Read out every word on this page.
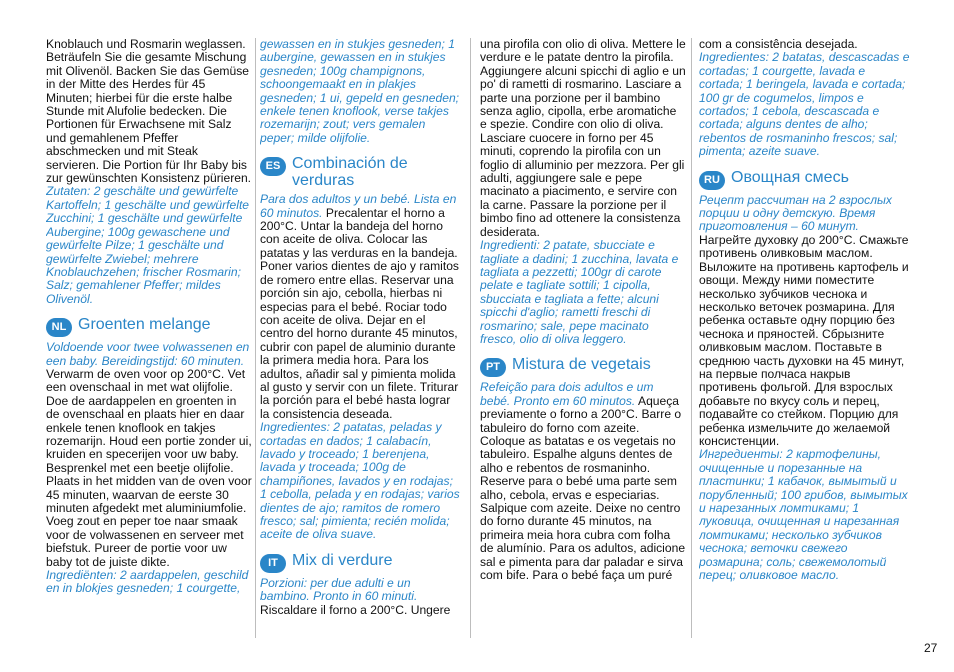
Knoblauch und Rosmarin weglassen. Beträufeln Sie die gesamte Mischung mit Olivenöl. Backen Sie das Gemüse in der Mitte des Herdes für 45 Minuten; hierbei für die erste halbe Stunde mit Alufolie bedecken. Die Portionen für Erwachsene mit Salz und gemahlenem Pfeffer abschmecken und mit Steak servieren. Die Portion für Ihr Baby bis zur gewünschten Konsistenz pürieren.

Zutaten: 2 geschälte und gewürfelte Kartoffeln; 1 geschälte und gewürfelte Zucchini; 1 geschälte und gewürfelte Aubergine; 100g gewaschene und gewürfelte Pilze; 1 geschälte und gewürfelte Zwiebel; mehrere Knoblauchzehen; frischer Rosmarin; Salz; gemahlener Pfeffer; mildes Olivenöl.

NL Groenten melange

Voldoende voor twee volwassenen en een baby. Bereidingstijd: 60 minuten. Verwarm de oven voor op 200°C. Vet een ovenschaal in met wat olijfolie. Doe de aardappelen en groenten in de ovenschaal en plaats hier en daar enkele tenen knoflook en takjes rozemarijn. Houd een portie zonder ui, kruiden en specerijen voor uw baby. Besprenkel met een beetje olijfolie. Plaats in het midden van de oven voor 45 minuten, waarvan de eerste 30 minuten afgedekt met aluminiumfolie. Voeg zout en peper toe naar smaak voor de volwassenen en serveer met biefstuk. Pureer de portie voor uw baby tot de juiste dikte.

Ingrediënten: 2 aardappelen, geschild en in blokjes gesneden; 1 courgette,

gewassen en in stukjes gesneden; 1 aubergine, gewassen en in stukjes gesneden; 100g champignons, schoongemaakt en in plakjes gesneden; 1 ui, gepeld en gesneden; enkele tenen knoflook, verse takjes rozemarijn; zout; vers gemalen peper; milde olijfolie.

ES Combinación de verduras

Para dos adultos y un bebé. Lista en 60 minutos. Precalentar el horno a 200°C. Untar la bandeja del horno con aceite de oliva. Colocar las patatas y las verduras en la bandeja. Poner varios dientes de ajo y ramitos de romero entre ellas. Reservar una porción sin ajo, cebolla, hierbas ni especias para el bebé. Rociar todo con aceite de oliva. Dejar en el centro del horno durante 45 minutos, cubrir con papel de aluminio durante la primera media hora. Para los adultos, añadir sal y pimienta molida al gusto y servir con un filete. Triturar la porción para el bebé hasta lograr la consistencia deseada.

Ingredientes: 2 patatas, peladas y cortadas en dados; 1 calabacín, lavado y troceado; 1 berenjena, lavada y troceada; 100g de champiñones, lavados y en rodajas; 1 cebolla, pelada y en rodajas; varios dientes de ajo; ramitos de romero fresco; sal; pimienta; recién molida; aceite de oliva suave.

IT Mix di verdure

Porzioni: per due adulti e un bambino. Pronto in 60 minuti. Riscaldare il forno a 200°C. Ungere

una pirofila con olio di oliva. Mettere le verdure e le patate dentro la pirofila. Aggiungere alcuni spicchi di aglio e un po' di rametti di rosmarino. Lasciare a parte una porzione per il bambino senza aglio, cipolla, erbe aromatiche e spezie. Condire con olio di oliva. Lasciare cuocere in forno per 45 minuti, coprendo la pirofila con un foglio di alluminio per mezzora. Per gli adulti, aggiungere sale e pepe macinato a piacimento, e servire con la carne. Passare la porzione per il bimbo fino ad ottenere la consistenza desiderata.

Ingredienti: 2 patate, sbucciate e tagliate a dadini; 1 zucchina, lavata e tagliata a pezzetti; 100gr di carote pelate e tagliate sottili; 1 cipolla, sbucciata e tagliata a fette; alcuni spicchi d'aglio; rametti freschi di rosmarino; sale, pepe macinato fresco, olio di oliva leggero.

PT Mistura de vegetais

Refeição para dois adultos e um bebé. Pronto em 60 minutos. Aqueça previamente o forno a 200°C. Barre o tabuleiro do forno com azeite. Coloque as batatas e os vegetais no tabuleiro. Espalhe alguns dentes de alho e rebentos de rosmaninho. Reserve para o bebé uma parte sem alho, cebola, ervas e especiarias. Salpique com azeite. Deixe no centro do forno durante 45 minutos, na primeira meia hora cubra com folha de alumínio. Para os adultos, adicione sal e pimenta para dar paladar e sirva com bife. Para o bebé faça um puré

com a consistência desejada.

Ingredientes: 2 batatas, descascadas e cortadas; 1 courgette, lavada e cortada; 1 beringela, lavada e cortada; 100 gr de cogumelos, limpos e cortados; 1 cebola, descascada e cortada; alguns dentes de alho; rebentos de rosmaninho frescos; sal; pimenta; azeite suave.

RU Овощная смесь

Рецепт рассчитан на 2 взрослых порции и одну детскую. Время приготовления – 60 минут. Нагрейте духовку до 200°С. Смажьте противень оливковым маслом. Выложите на противень картофель и овощи. Между ними поместите несколько зубчиков чеснока и несколько веточек розмарина. Для ребенка оставьте одну порцию без чеснока и пряностей. Сбрызните оливковым маслом. Поставьте в среднюю часть духовки на 45 минут, на первые полчаса накрыв противень фольгой. Для взрослых добавьте по вкусу соль и перец, подавайте со стейком. Порцию для ребенка измельчите до желаемой консистенции.

Ингредиенты: 2 картофелины, очищенные и порезанные на пластинки; 1 кабачок, вымытый и порубленный; 100 грибов, вымытых и нарезанных ломтиками; 1 луковица, очищенная и нарезанная ломтиками; несколько зубчиков чеснока; веточки свежего розмарина; соль; свежемолотый перец; оливковое масло.

27
